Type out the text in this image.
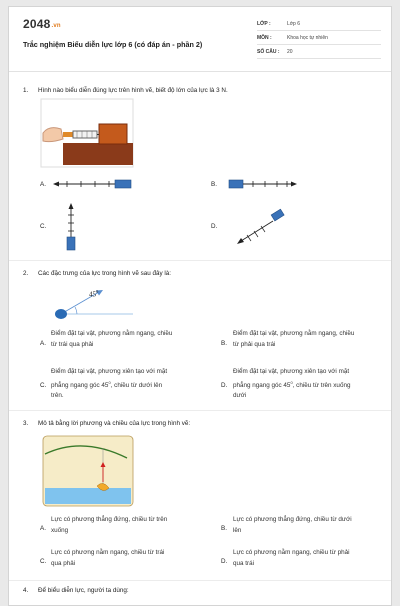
2048.vn
Trắc nghiệm Biểu diễn lực lớp 6 (có đáp án - phần 2)
LỚP :	Lớp 6
MÔN :	Khoa học tự nhiên
SỐ CÂU :	20
1. Hình nào biểu diễn đúng lực trên hình vẽ, biết độ lớn của lực là 3 N.
A.	B.
C.	D.
2. Các đặc trưng của lực trong hình vẽ sau đây là:
$45^0$
A.
Điểm đặt tại vật, phương nằm ngang, chiều
từ trái qua phải	B.
Điểm đặt tại vật, phương nằm ngang, chiều
từ phải qua trái
C.
Điểm đặt tại vật, phương xiên tạo với mặt
phẳng ngang góc $45^0$, chiều từ dưới lên
trên.
D.
Điểm đặt tại vật, phương xiên tạo với mặt
phẳng ngang góc $45^0$, chiều từ trên xuống
dưới
3. Mô tả bằng lời phương và chiều của lực trong hình vẽ:
A.
Lực có phương thẳng đứng, chiều từ trên
xuống	B.
Lực có phương thẳng đứng, chiều từ dưới
lên
C.
Lực có phương nằm ngang, chiều từ trái
qua phải	D.
Lực có phương nằm ngang, chiều từ phải
qua trái
4. Để biểu diễn lực, người ta dùng:
